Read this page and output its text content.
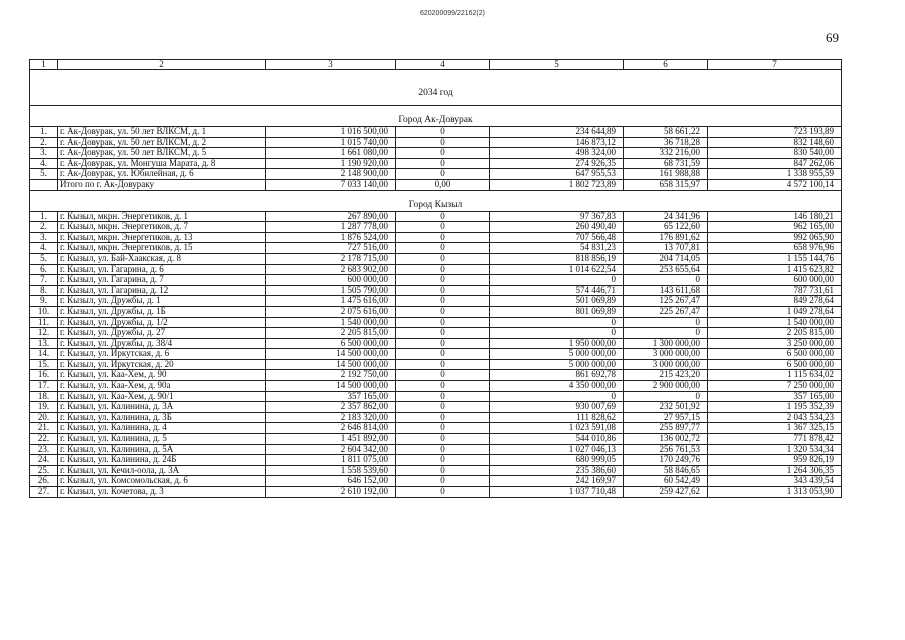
620200099/22162(2)
69
1	2	3	4	5	6	7
2034 год						
Город Ак-Довурак						
1.	г. Ак-Довурак, ул. 50 лет ВЛКСМ, д. 1	1 016 500,00	0	234 644,89	58 661,22	723 193,89
2.	г. Ак-Довурак, ул. 50 лет ВЛКСМ, д. 2	1 015 740,00	0	146 873,12	36 718,28	832 148,60
3.	г. Ак-Довурак, ул. 50 лет ВЛКСМ, д. 5	1 661 080,00	0	498 324,00	332 216,00	830 540,00
4.	г. Ак-Довурак, ул. Монгуша Марата, д. 8	1 190 920,00	0	274 926,35	68 731,59	847 262,06
5.	г. Ак-Довурак, ул. Юбилейная, д. 6	2 148 900,00	0	647 955,53	161 988,88	1 338 955,59
	Итого по г. Ак-Довураку	7 033 140,00	0,00	1 802 723,89	658 315,97	4 572 100,14
Город Кызыл						
1.	г. Кызыл, мкрн. Энергетиков, д. 1	267 890,00	0	97 367,83	24 341,96	146 180,21
2.	г. Кызыл, мкрн. Энергетиков, д. 7	1 287 778,00	0	260 490,40	65 122,60	962 165,00
3.	г. Кызыл, мкрн. Энергетиков, д. 13	1 876 524,00	0	707 566,48	176 891,62	992 065,90
4.	г. Кызыл, мкрн. Энергетиков, д. 15	727 516,00	0	54 831,23	13 707,81	658 976,96
5.	г. Кызыл, ул. Бай-Хаакская, д. 8	2 178 715,00	0	818 856,19	204 714,05	1 155 144,76
6.	г. Кызыл, ул. Гагарина, д. 6	2 683 902,00	0	1 014 622,54	253 655,64	1 415 623,82
7.	г. Кызыл, ул. Гагарина, д. 7	600 000,00	0	0	0	600 000,00
8.	г. Кызыл, ул. Гагарина, д. 12	1 505 790,00	0	574 446,71	143 611,68	787 731,61
9.	г. Кызыл, ул. Дружбы, д. 1	1 475 616,00	0	501 069,89	125 267,47	849 278,64
10.	г. Кызыл, ул. Дружбы, д. 1Б	2 075 616,00	0	801 069,89	225 267,47	1 049 278,64
11.	г. Кызыл, ул. Дружбы, д. 1/2	1 540 000,00	0	0	0	1 540 000,00
12.	г. Кызыл, ул. Дружбы, д. 27	2 205 815,00	0	0	0	2 205 815,00
13.	г. Кызыл, ул. Дружбы, д. 38/4	6 500 000,00	0	1 950 000,00	1 300 000,00	3 250 000,00
14.	г. Кызыл, ул. Иркутская, д. 6	14 500 000,00	0	5 000 000,00	3 000 000,00	6 500 000,00
15.	г. Кызыл, ул. Иркутская, д. 20	14 500 000,00	0	5 000 000,00	3 000 000,00	6 500 000,00
16.	г. Кызыл, ул. Каа-Хем, д. 90	2 192 750,00	0	861 692,78	215 423,20	1 115 634,02
17.	г. Кызыл, ул. Каа-Хем, д. 90а	14 500 000,00	0	4 350 000,00	2 900 000,00	7 250 000,00
18.	г. Кызыл, ул. Каа-Хем, д. 90/1	357 165,00	0	0	0	357 165,00
19.	г. Кызыл, ул. Калинина, д. 3А	2 357 862,00	0	930 007,69	232 501,92	1 195 352,39
20.	г. Кызыл, ул. Калинина, д. 3Б	2 183 320,00	0	111 828,62	27 957,15	2 043 534,23
21.	г. Кызыл, ул. Калинина, д. 4	2 646 814,00	0	1 023 591,08	255 897,77	1 367 325,15
22.	г. Кызыл, ул. Калинина, д. 5	1 451 892,00	0	544 010,86	136 002,72	771 878,42
23.	г. Кызыл, ул. Калинина, д. 5А	2 604 342,00	0	1 027 046,13	256 761,53	1 320 534,34
24.	г. Кызыл, ул. Калинина, д. 24Б	1 811 075,00	0	680 999,05	170 249,76	959 826,19
25.	г. Кызыл, ул. Кечил-оола, д. 3А	1 558 539,60	0	235 386,60	58 846,65	1 264 306,35
26.	г. Кызыл, ул. Комсомольская, д. 6	646 152,00	0	242 169,97	60 542,49	343 439,54
27.	г. Кызыл, ул. Кочетова, д. 3	2 610 192,00	0	1 037 710,48	259 427,62	1 313 053,90
